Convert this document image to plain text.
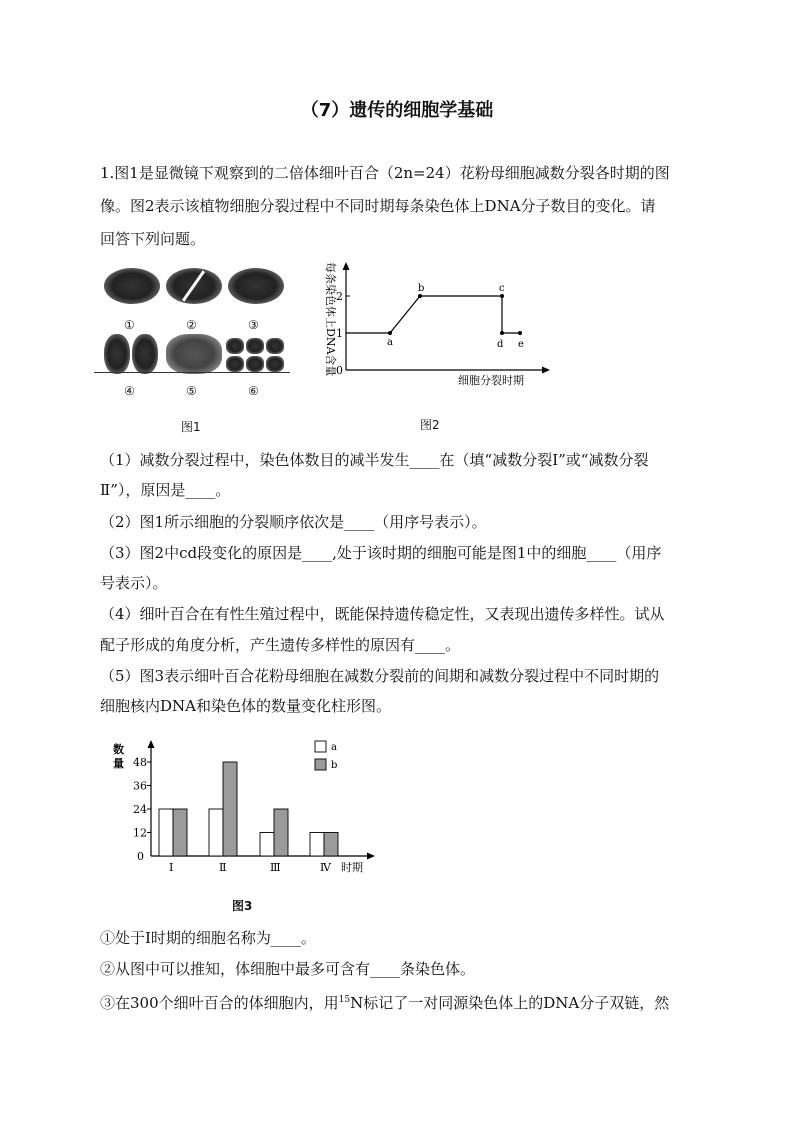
（7）遗传的细胞学基础
1.图1是显微镜下观察到的二倍体细叶百合（2n=24）花粉母细胞减数分裂各时期的图
像。图2表示该植物细胞分裂过程中不同时期每条染色体上DNA分子数目的变化。请
回答下列问题。
①	②	③
④	⑤	⑥
图1
每条染色体上DNA含量 0
1
2
a
b	c
d e
细胞分裂时期
图2
（1）减数分裂过程中，染色体数目的减半发生____在（填“减数分裂Ⅰ”或“减数分裂
Ⅱ”），原因是____。
（2）图1所示细胞的分裂顺序依次是____（用序号表示）。
（3）图2中cd段变化的原因是____,处于该时期的细胞可能是图1中的细胞____（用序
号表示）。
（4）细叶百合在有性生殖过程中，既能保持遗传稳定性，又表现出遗传多样性。试从
配子形成的角度分析，产生遗传多样性的原因有____。
（5）图3表示细叶百合花粉母细胞在减数分裂前的间期和减数分裂过程中不同时期的
细胞核内DNA和染色体的数量变化柱形图。
数
量
0
12
24
36
48
Ⅰ	Ⅱ	Ⅲ	Ⅳ
a
b
时期
图3
①处于Ⅰ时期的细胞名称为____。
②从图中可以推知，体细胞中最多可含有____条染色体。
③在300个细叶百合的体细胞内，用$^{15}$N标记了一对同源染色体上的DNA分子双链，然
